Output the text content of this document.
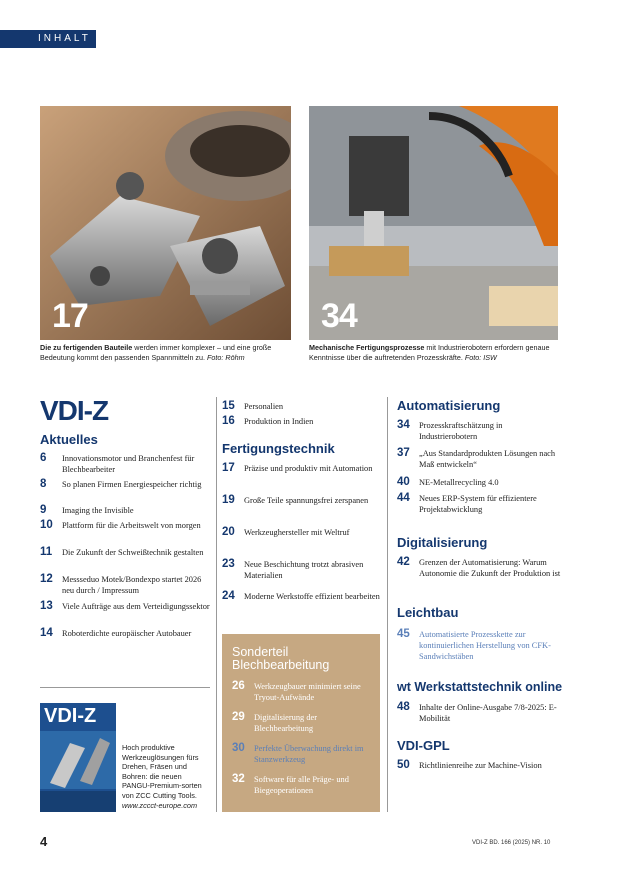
INHALT
17	34
Die zu fertigenden Bauteile werden immer komplexer – und eine große Bedeutung kommt den passenden Spannmitteln zu. Foto: Röhm
Mechanische Fertigungsprozesse mit Industrierobotern erfordern genaue Kenntnisse über die auftretenden Prozesskräfte. Foto: ISW
VDI-Z
Aktuelles
6	Innovationsmotor und Branchenfest für Blechbearbeiter
8	So planen Firmen Energiespeicher richtig
9	Imaging the Invisible
10	Plattform für die Arbeitswelt von morgen
11	Die Zukunft der Schweißtechnik gestalten
12	Messseduo Motek/Bondexpo startet 2026 neu durch / Impressum
13	Viele Aufträge aus dem Verteidigungssektor
14	Roboterdichte europäischer Autobauer
VDI-Z
Hoch produktive Werkzeuglösungen fürs Drehen, Fräsen und Bohren: die neuen PANGU-Premium-sorten von ZCC Cutting Tools.
www.zccct-europe.com
15	Personalien
16	Produktion in Indien
Fertigungstechnik
17	Präzise und produktiv mit Automation
19	Große Teile spannungsfrei zerspanen
20	Werkzeughersteller mit Weltruf
23	Neue Beschichtung trotzt abrasiven Materialien
24	Moderne Werkstoffe effizient bearbeiten
Sonderteil
Blechbearbeitung
26	Werkzeugbauer minimiert seine Tryout-Aufwände
29	Digitalisierung der Blechbearbeitung
30	Perfekte Überwachung direkt im Stanzwerkzeug
32	Software für alle Präge- und Biegeoperationen
Automatisierung
34	Prozesskraftschätzung in Industrierobotern
37	„Aus Standardprodukten Lösungen nach Maß entwickeln“
40	NE-Metallrecycling 4.0
44	Neues ERP-System für effizientere Projektabwicklung
Digitalisierung
42	Grenzen der Automatisierung: Warum Autonomie die Zukunft der Produktion ist
Leichtbau
45	Automatisierte Prozesskette zur kontinuierlichen Herstellung von CFK-Sandwichstäben
wt Werkstattstechnik online
48	Inhalte der Online-Ausgabe 7/8-2025: E-Mobilität
VDI-GPL
50	Richtlinienreihe zur Machine-Vision
4	VDI-Z BD. 166 (2025) NR. 10
